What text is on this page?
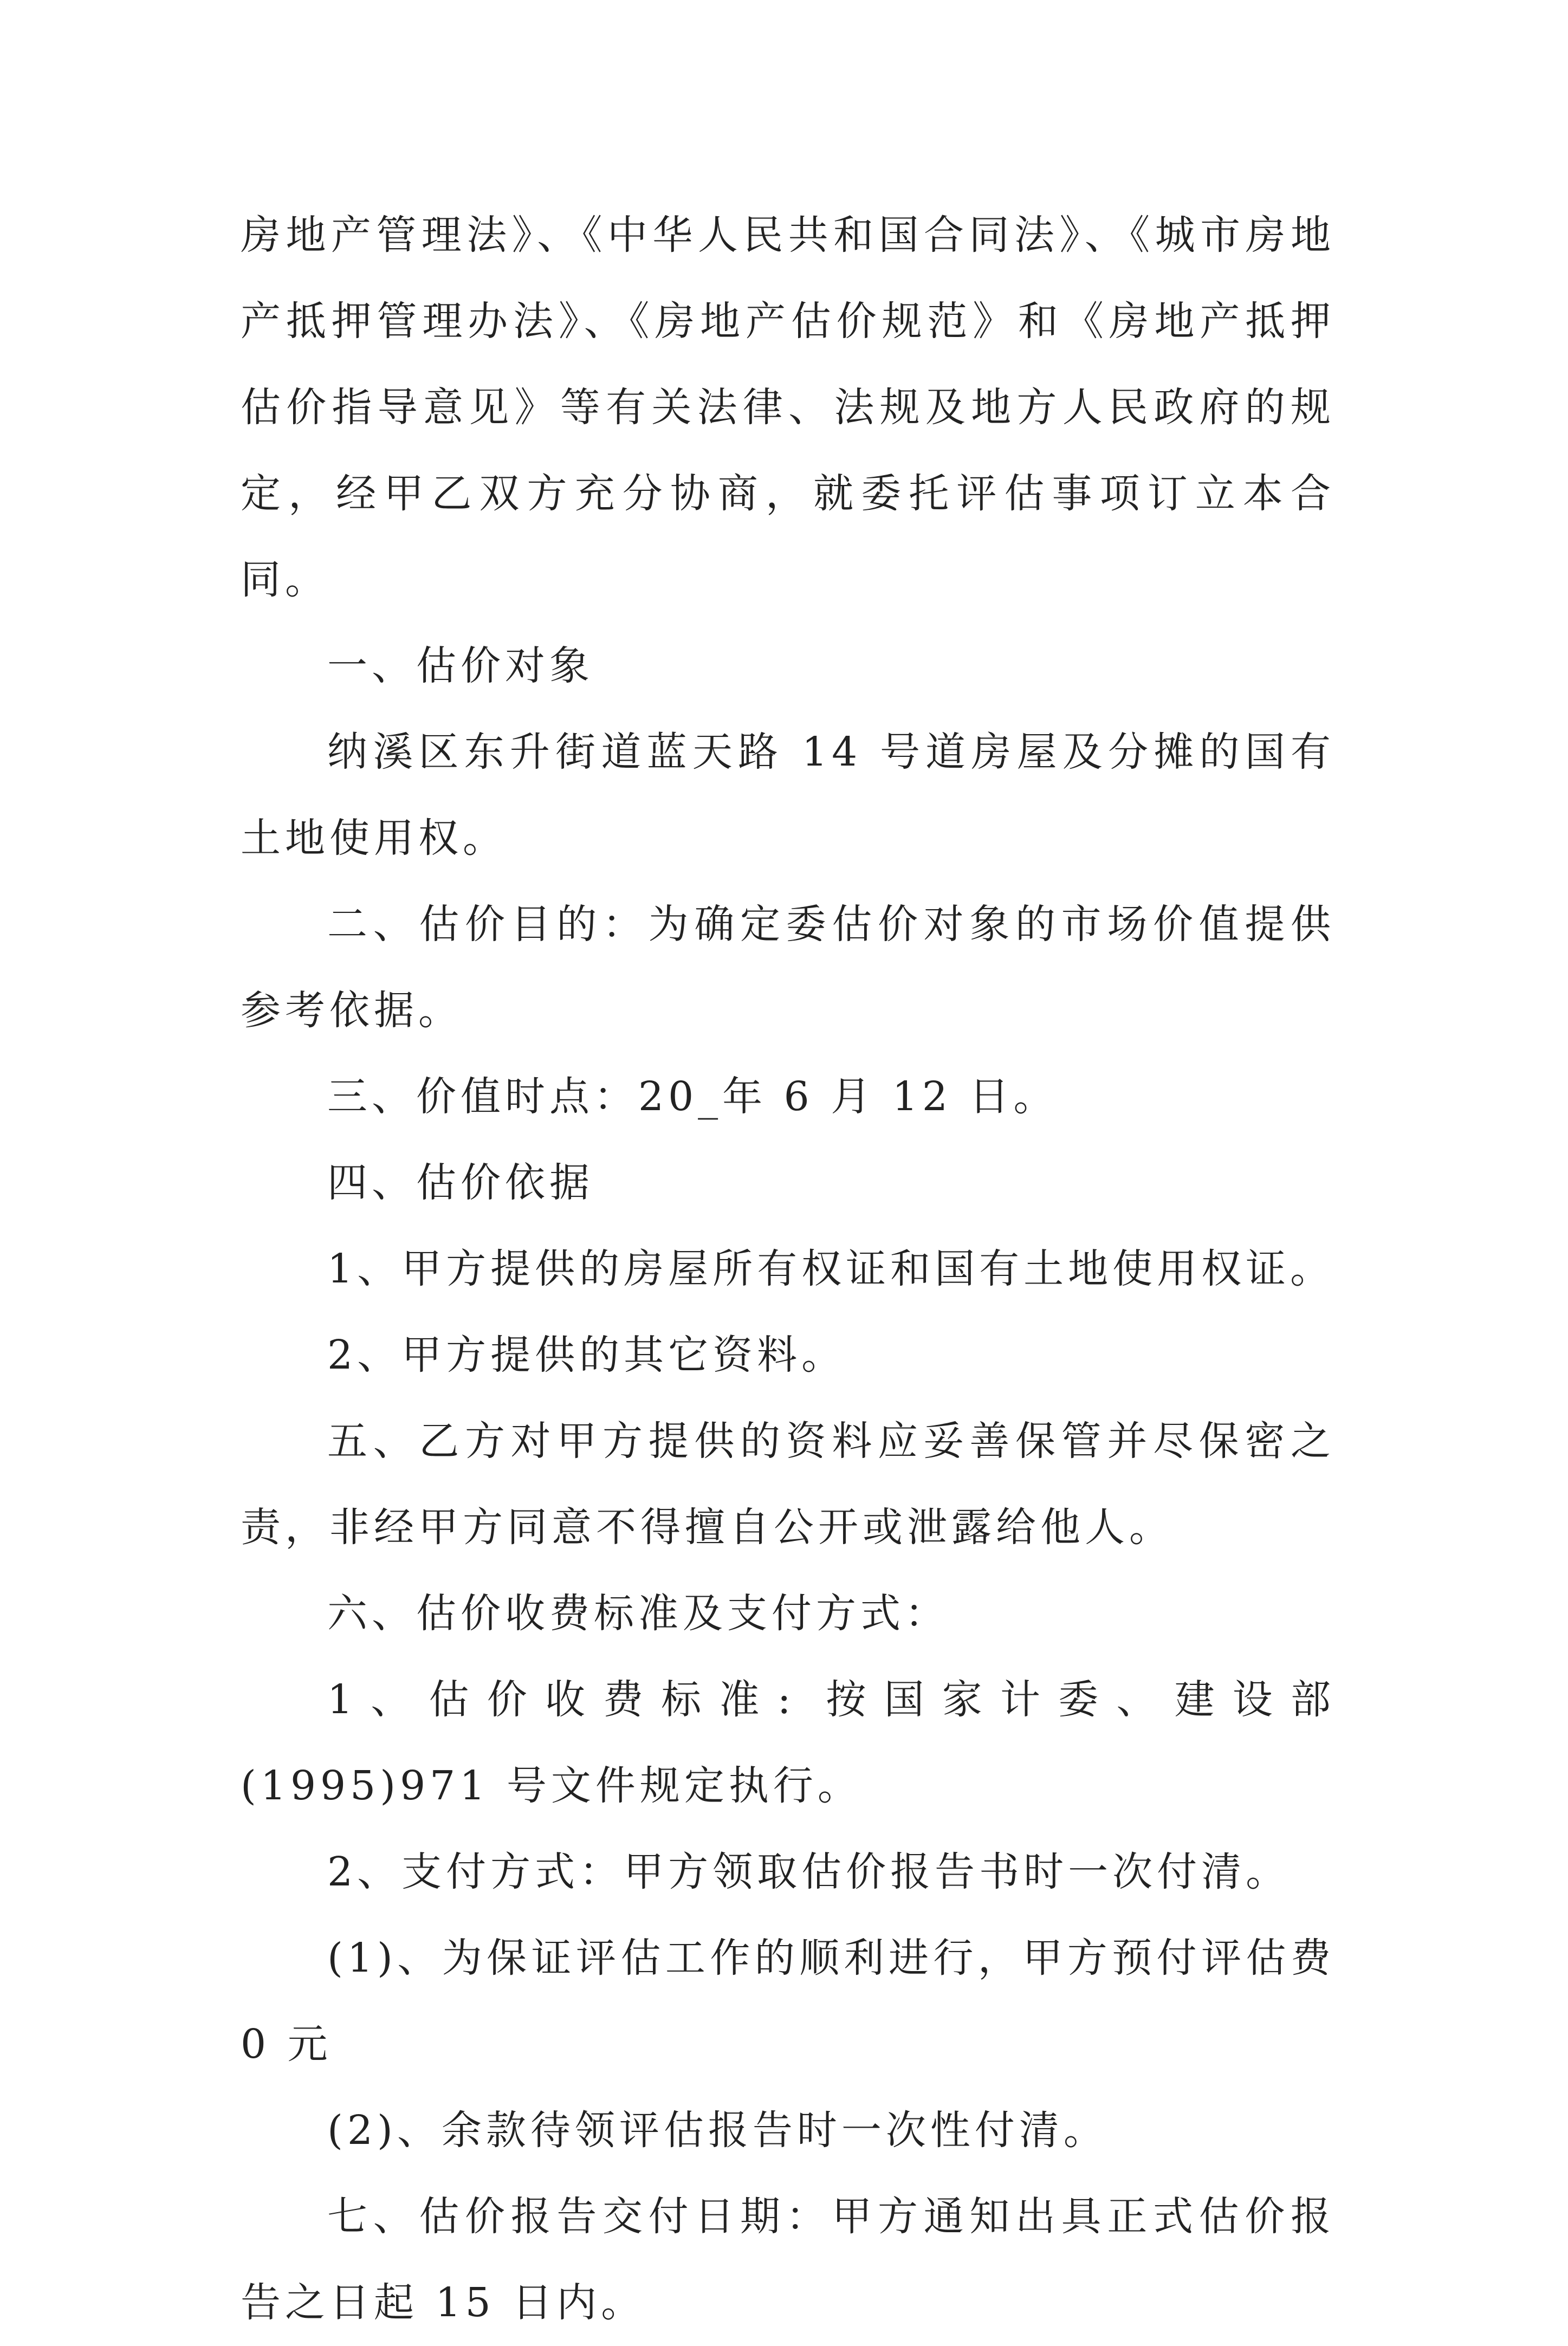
房地产管理法》、《中华人民共和国合同法》、《城市房地产抵押管理办法》、《房地产估价规范》和《房地产抵押估价指导意见》等有关法律、法规及地方人民政府的规定，经甲乙双方充分协商，就委托评估事项订立本合同。

一、估价对象

纳溪区东升街道蓝天路 14 号道房屋及分摊的国有土地使用权。

二、估价目的：为确定委估价对象的市场价值提供参考依据。

三、价值时点：20_年 6 月 12 日。

四、估价依据

1、甲方提供的房屋所有权证和国有土地使用权证。

2、甲方提供的其它资料。

五、乙方对甲方提供的资料应妥善保管并尽保密之责，非经甲方同意不得擅自公开或泄露给他人。

六、估价收费标准及支付方式：

1、估价收费标准: 按国家计委、建设部(1995)971 号文件规定执行。

2、支付方式：甲方领取估价报告书时一次付清。

(1)、为保证评估工作的顺利进行，甲方预付评估费 0 元

(2)、余款待领评估报告时一次性付清。

七、估价报告交付日期：甲方通知出具正式估价报告之日起 15 日内。
